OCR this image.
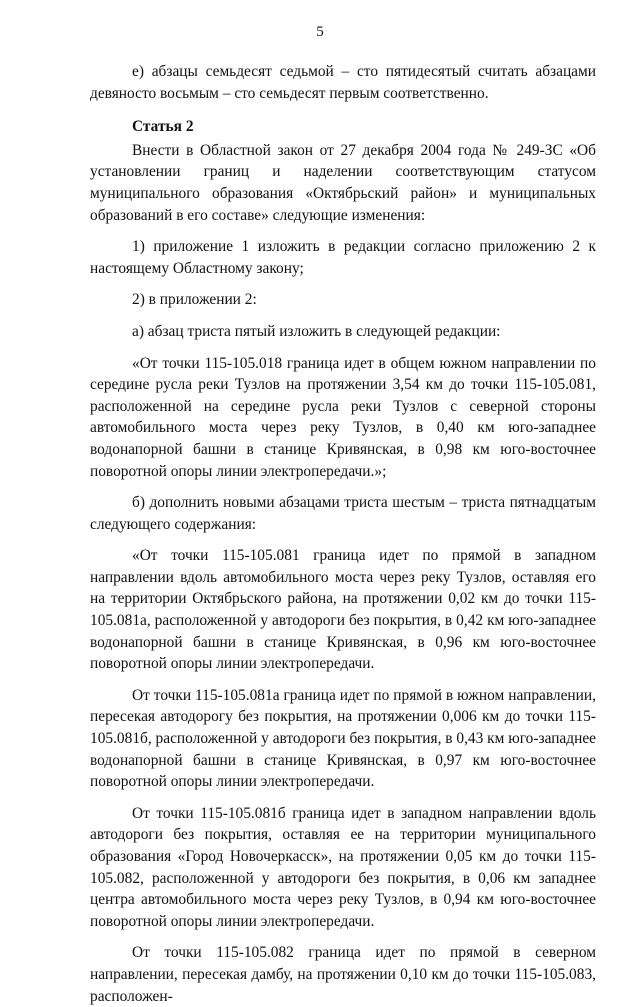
5

е) абзацы семьдесят седьмой – сто пятидесятый считать абзацами девяносто восьмым – сто семьдесят первым соответственно.

Статья 2

Внести в Областной закон от 27 декабря 2004 года № 249-ЗС «Об установлении границ и наделении соответствующим статусом муниципального образования «Октябрьский район» и муниципальных образований в его составе» следующие изменения:

1) приложение 1 изложить в редакции согласно приложению 2 к настоящему Областному закону;

2) в приложении 2:

а) абзац триста пятый изложить в следующей редакции:

«От точки 115-105.018 граница идет в общем южном направлении по середине русла реки Тузлов на протяжении 3,54 км до точки 115-105.081, расположенной на середине русла реки Тузлов с северной стороны автомобильного моста через реку Тузлов, в 0,40 км юго-западнее водонапорной башни в станице Кривянская, в 0,98 км юго-восточнее поворотной опоры линии электропередачи.»;

б) дополнить новыми абзацами триста шестым – триста пятнадцатым следующего содержания:

«От точки 115-105.081 граница идет по прямой в западном направлении вдоль автомобильного моста через реку Тузлов, оставляя его на территории Октябрьского района, на протяжении 0,02 км до точки 115-105.081а, расположенной у автодороги без покрытия, в 0,42 км юго-западнее водонапорной башни в станице Кривянская, в 0,96 км юго-восточнее поворотной опоры линии электропередачи.

От точки 115-105.081а граница идет по прямой в южном направлении, пересекая автодорогу без покрытия, на протяжении 0,006 км до точки 115-105.081б, расположенной у автодороги без покрытия, в 0,43 км юго-западнее водонапорной башни в станице Кривянская, в 0,97 км юго-восточнее поворотной опоры линии электропередачи.

От точки 115-105.081б граница идет в западном направлении вдоль автодороги без покрытия, оставляя ее на территории муниципального образования «Город Новочеркасск», на протяжении 0,05 км до точки 115-105.082, расположенной у автодороги без покрытия, в 0,06 км западнее центра автомобильного моста через реку Тузлов, в 0,94 км юго-восточнее поворотной опоры линии электропередачи.

От точки 115-105.082 граница идет по прямой в северном направлении, пересекая дамбу, на протяжении 0,10 км до точки 115-105.083, расположен-
